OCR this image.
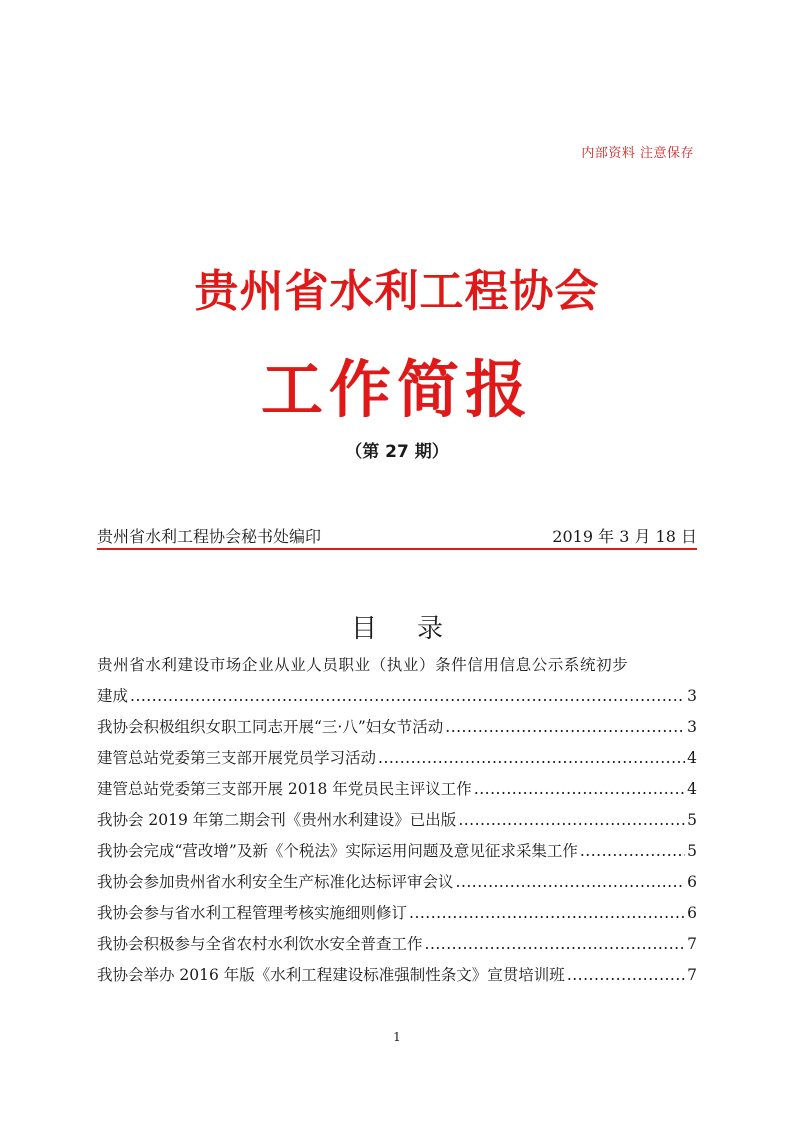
内部资料 注意保存
贵州省水利工程协会
工作简报
（第 27 期）
贵州省水利工程协会秘书处编印	2019 年 3 月 18 日
目录
贵州省水利建设市场企业从业人员职业（执业）条件信用信息公示系统初步
建成 .....	3
我协会积极组织女职工同志开展“三·八”妇女节活动 .....	3
建管总站党委第三支部开展党员学习活动 .....	4
建管总站党委第三支部开展 2018 年党员民主评议工作 .....	4
我协会 2019 年第二期会刊《贵州水利建设》已出版 .....	5
我协会完成“营改增”及新《个税法》实际运用问题及意见征求采集工作 .....	5
我协会参加贵州省水利安全生产标准化达标评审会议 .....	6
我协会参与省水利工程管理考核实施细则修订 .....	6
我协会积极参与全省农村水利饮水安全普查工作 .....	7
我协会举办 2016 年版《水利工程建设标准强制性条文》宣贯培训班 .....	7
1
